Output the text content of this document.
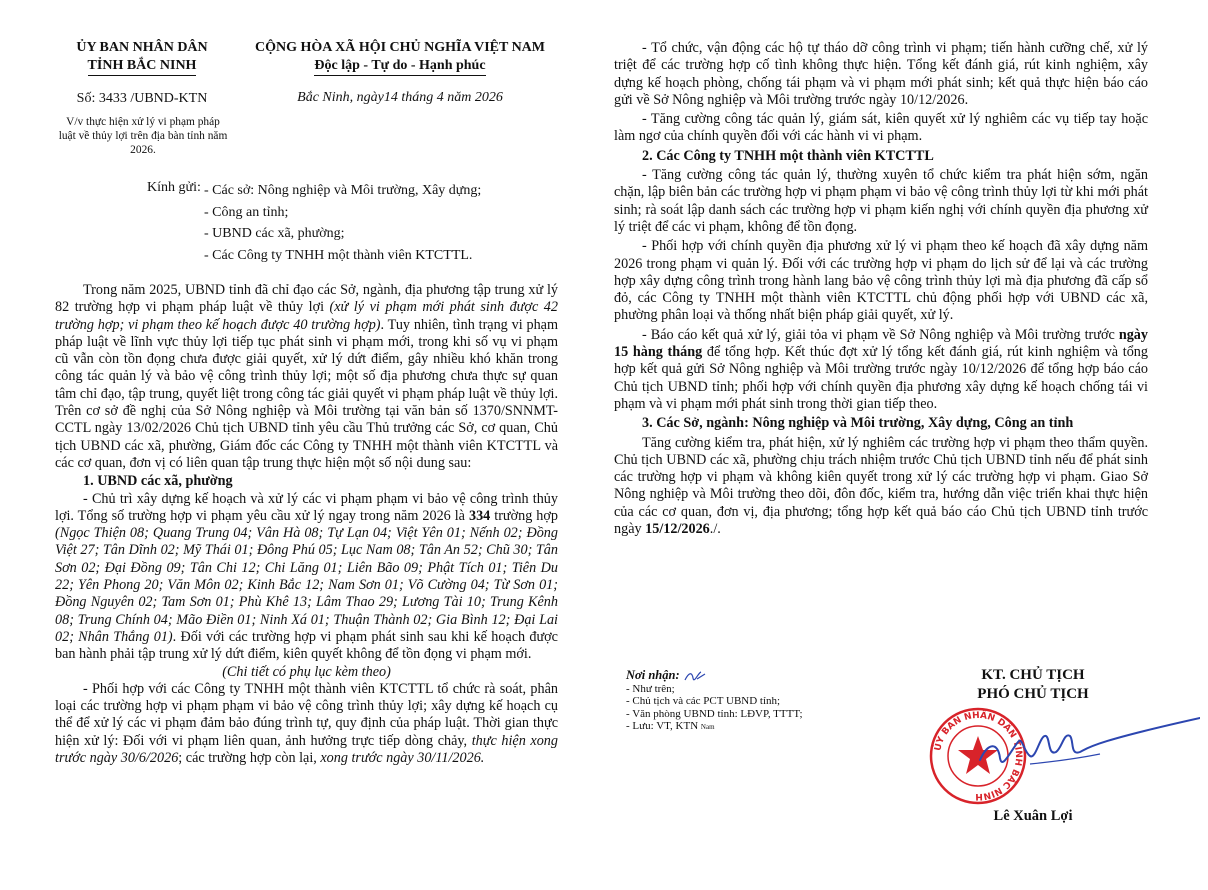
ỦY BAN NHÂN DÂN
TỈNH BẮC NINH
Số: 3433 /UBND-KTN
V/v thực hiện xử lý vi phạm pháp luật về thủy lợi trên địa bàn tỉnh năm 2026.
CỘNG HÒA XÃ HỘI CHỦ NGHĨA VIỆT NAM
Độc lập - Tự do - Hạnh phúc
Bắc Ninh, ngày14 tháng 4 năm 2026
Kính gửi: - Các sở: Nông nghiệp và Môi trường, Xây dựng;
- Công an tỉnh;
- UBND các xã, phường;
- Các Công ty TNHH một thành viên KTCTTL.

Trong năm 2025, UBND tỉnh đã chỉ đạo các Sở, ngành, địa phương tập trung xử lý 82 trường hợp vi phạm pháp luật về thủy lợi (xử lý vi phạm mới phát sinh được 42 trường hợp; vi phạm theo kế hoạch được 40 trường hợp). Tuy nhiên, tình trạng vi phạm pháp luật về lĩnh vực thủy lợi tiếp tục phát sinh vi phạm mới, trong khi số vụ vi phạm cũ vẫn còn tồn đọng chưa được giải quyết, xử lý dứt điểm, gây nhiều khó khăn trong công tác quản lý và bảo vệ công trình thủy lợi; một số địa phương chưa thực sự quan tâm chỉ đạo, tập trung, quyết liệt trong công tác giải quyết vi phạm pháp luật về thủy lợi. Trên cơ sở đề nghị của Sở Nông nghiệp và Môi trường tại văn bản số 1370/SNNMT-CCTL ngày 13/02/2026 Chủ tịch UBND tỉnh yêu cầu Thủ trưởng các Sở, cơ quan, Chủ tịch UBND các xã, phường, Giám đốc các Công ty TNHH một thành viên KTCTTL và các cơ quan, đơn vị có liên quan tập trung thực hiện một số nội dung sau:

1. UBND các xã, phường

- Chủ trì xây dựng kế hoạch và xử lý các vi phạm phạm vi bảo vệ công trình thủy lợi. Tổng số trường hợp vi phạm yêu cầu xử lý ngay trong năm 2026 là 334 trường hợp (Ngọc Thiện 08; Quang Trung 04; Vân Hà 08; Tự Lạn 04; Việt Yên 01; Nếnh 02; Đồng Việt 27; Tân Dĩnh 02; Mỹ Thái 01; Đông Phú 05; Lục Nam 08; Tân An 52; Chũ 30; Tân Sơn 02; Đại Đồng 09; Tân Chi 12; Chi Lăng 01; Liên Bão 09; Phật Tích 01; Tiên Du 22; Yên Phong 20; Văn Môn 02; Kinh Bắc 12; Nam Sơn 01; Võ Cường 04; Từ Sơn 01; Đồng Nguyên 02; Tam Sơn 01; Phù Khê 13; Lâm Thao 29; Lương Tài 10; Trung Kênh 08; Trung Chính 04; Mão Điền 01; Ninh Xá 01; Thuận Thành 02; Gia Bình 12; Đại Lai 02; Nhân Thắng 01). Đối với các trường hợp vi phạm phát sinh sau khi kế hoạch được ban hành phải tập trung xử lý dứt điểm, kiên quyết không để tồn đọng vi phạm mới.

(Chi tiết có phụ lục kèm theo)

- Phối hợp với các Công ty TNHH một thành viên KTCTTL tổ chức rà soát, phân loại các trường hợp vi phạm phạm vi bảo vệ công trình thủy lợi; xây dựng kế hoạch cụ thể để xử lý các vi phạm đảm bảo đúng trình tự, quy định của pháp luật. Thời gian thực hiện xử lý: Đối với vi phạm liên quan, ảnh hưởng trực tiếp dòng chảy, thực hiện xong trước ngày 30/6/2026; các trường hợp còn lại, xong trước ngày 30/11/2026.

- Tổ chức, vận động các hộ tự tháo dỡ công trình vi phạm; tiến hành cưỡng chế, xử lý triệt để các trường hợp cố tình không thực hiện. Tổng kết đánh giá, rút kinh nghiệm, xây dựng kế hoạch phòng, chống tái phạm và vi phạm mới phát sinh; kết quả thực hiện báo cáo gửi về Sở Nông nghiệp và Môi trường trước ngày 10/12/2026.

- Tăng cường công tác quản lý, giám sát, kiên quyết xử lý nghiêm các vụ tiếp tay hoặc làm ngơ của chính quyền đối với các hành vi vi phạm.

2. Các Công ty TNHH một thành viên KTCTTL

- Tăng cường công tác quản lý, thường xuyên tổ chức kiểm tra phát hiện sớm, ngăn chặn, lập biên bản các trường hợp vi phạm phạm vi bảo vệ công trình thủy lợi từ khi mới phát sinh; rà soát lập danh sách các trường hợp vi phạm kiến nghị với chính quyền địa phương xử lý triệt để các vi phạm, không để tồn đọng.

- Phối hợp với chính quyền địa phương xử lý vi phạm theo kế hoạch đã xây dựng năm 2026 trong phạm vi quản lý. Đối với các trường hợp vi phạm do lịch sử để lại và các trường hợp xây dựng công trình trong hành lang bảo vệ công trình thủy lợi mà địa phương đã cấp sổ đỏ, các Công ty TNHH một thành viên KTCTTL chủ động phối hợp với UBND các xã, phường phân loại và thống nhất biện pháp giải quyết, xử lý.

- Báo cáo kết quả xử lý, giải tỏa vi phạm về Sở Nông nghiệp và Môi trường trước ngày 15 hàng tháng để tổng hợp. Kết thúc đợt xử lý tổng kết đánh giá, rút kinh nghiệm và tổng hợp kết quả gửi Sở Nông nghiệp và Môi trường trước ngày 10/12/2026 để tổng hợp báo cáo Chủ tịch UBND tỉnh; phối hợp với chính quyền địa phương xây dựng kế hoạch chống tái vi phạm và vi phạm mới phát sinh trong thời gian tiếp theo.

3. Các Sở, ngành: Nông nghiệp và Môi trường, Xây dựng, Công an tỉnh

Tăng cường kiểm tra, phát hiện, xử lý nghiêm các trường hợp vi phạm theo thẩm quyền. Chủ tịch UBND các xã, phường chịu trách nhiệm trước Chủ tịch UBND tỉnh nếu để phát sinh các trường hợp vi phạm và không kiên quyết trong xử lý các trường hợp vi phạm. Giao Sở Nông nghiệp và Môi trường theo dõi, đôn đốc, kiểm tra, hướng dẫn việc triển khai thực hiện của các cơ quan, đơn vị, địa phương; tổng hợp kết quả báo cáo Chủ tịch UBND tỉnh trước ngày 15/12/2026./.

Nơi nhận:
- Như trên;
- Chủ tịch và các PCT UBND tỉnh;
- Văn phòng UBND tỉnh: LĐVP, TTTT;
- Lưu: VT, KTN Nam
KT. CHỦ TỊCH
PHÓ CHỦ TỊCH
ỦY BAN NHÂN DÂN TỈNH BẮC NINH
Lê Xuân Lợi
